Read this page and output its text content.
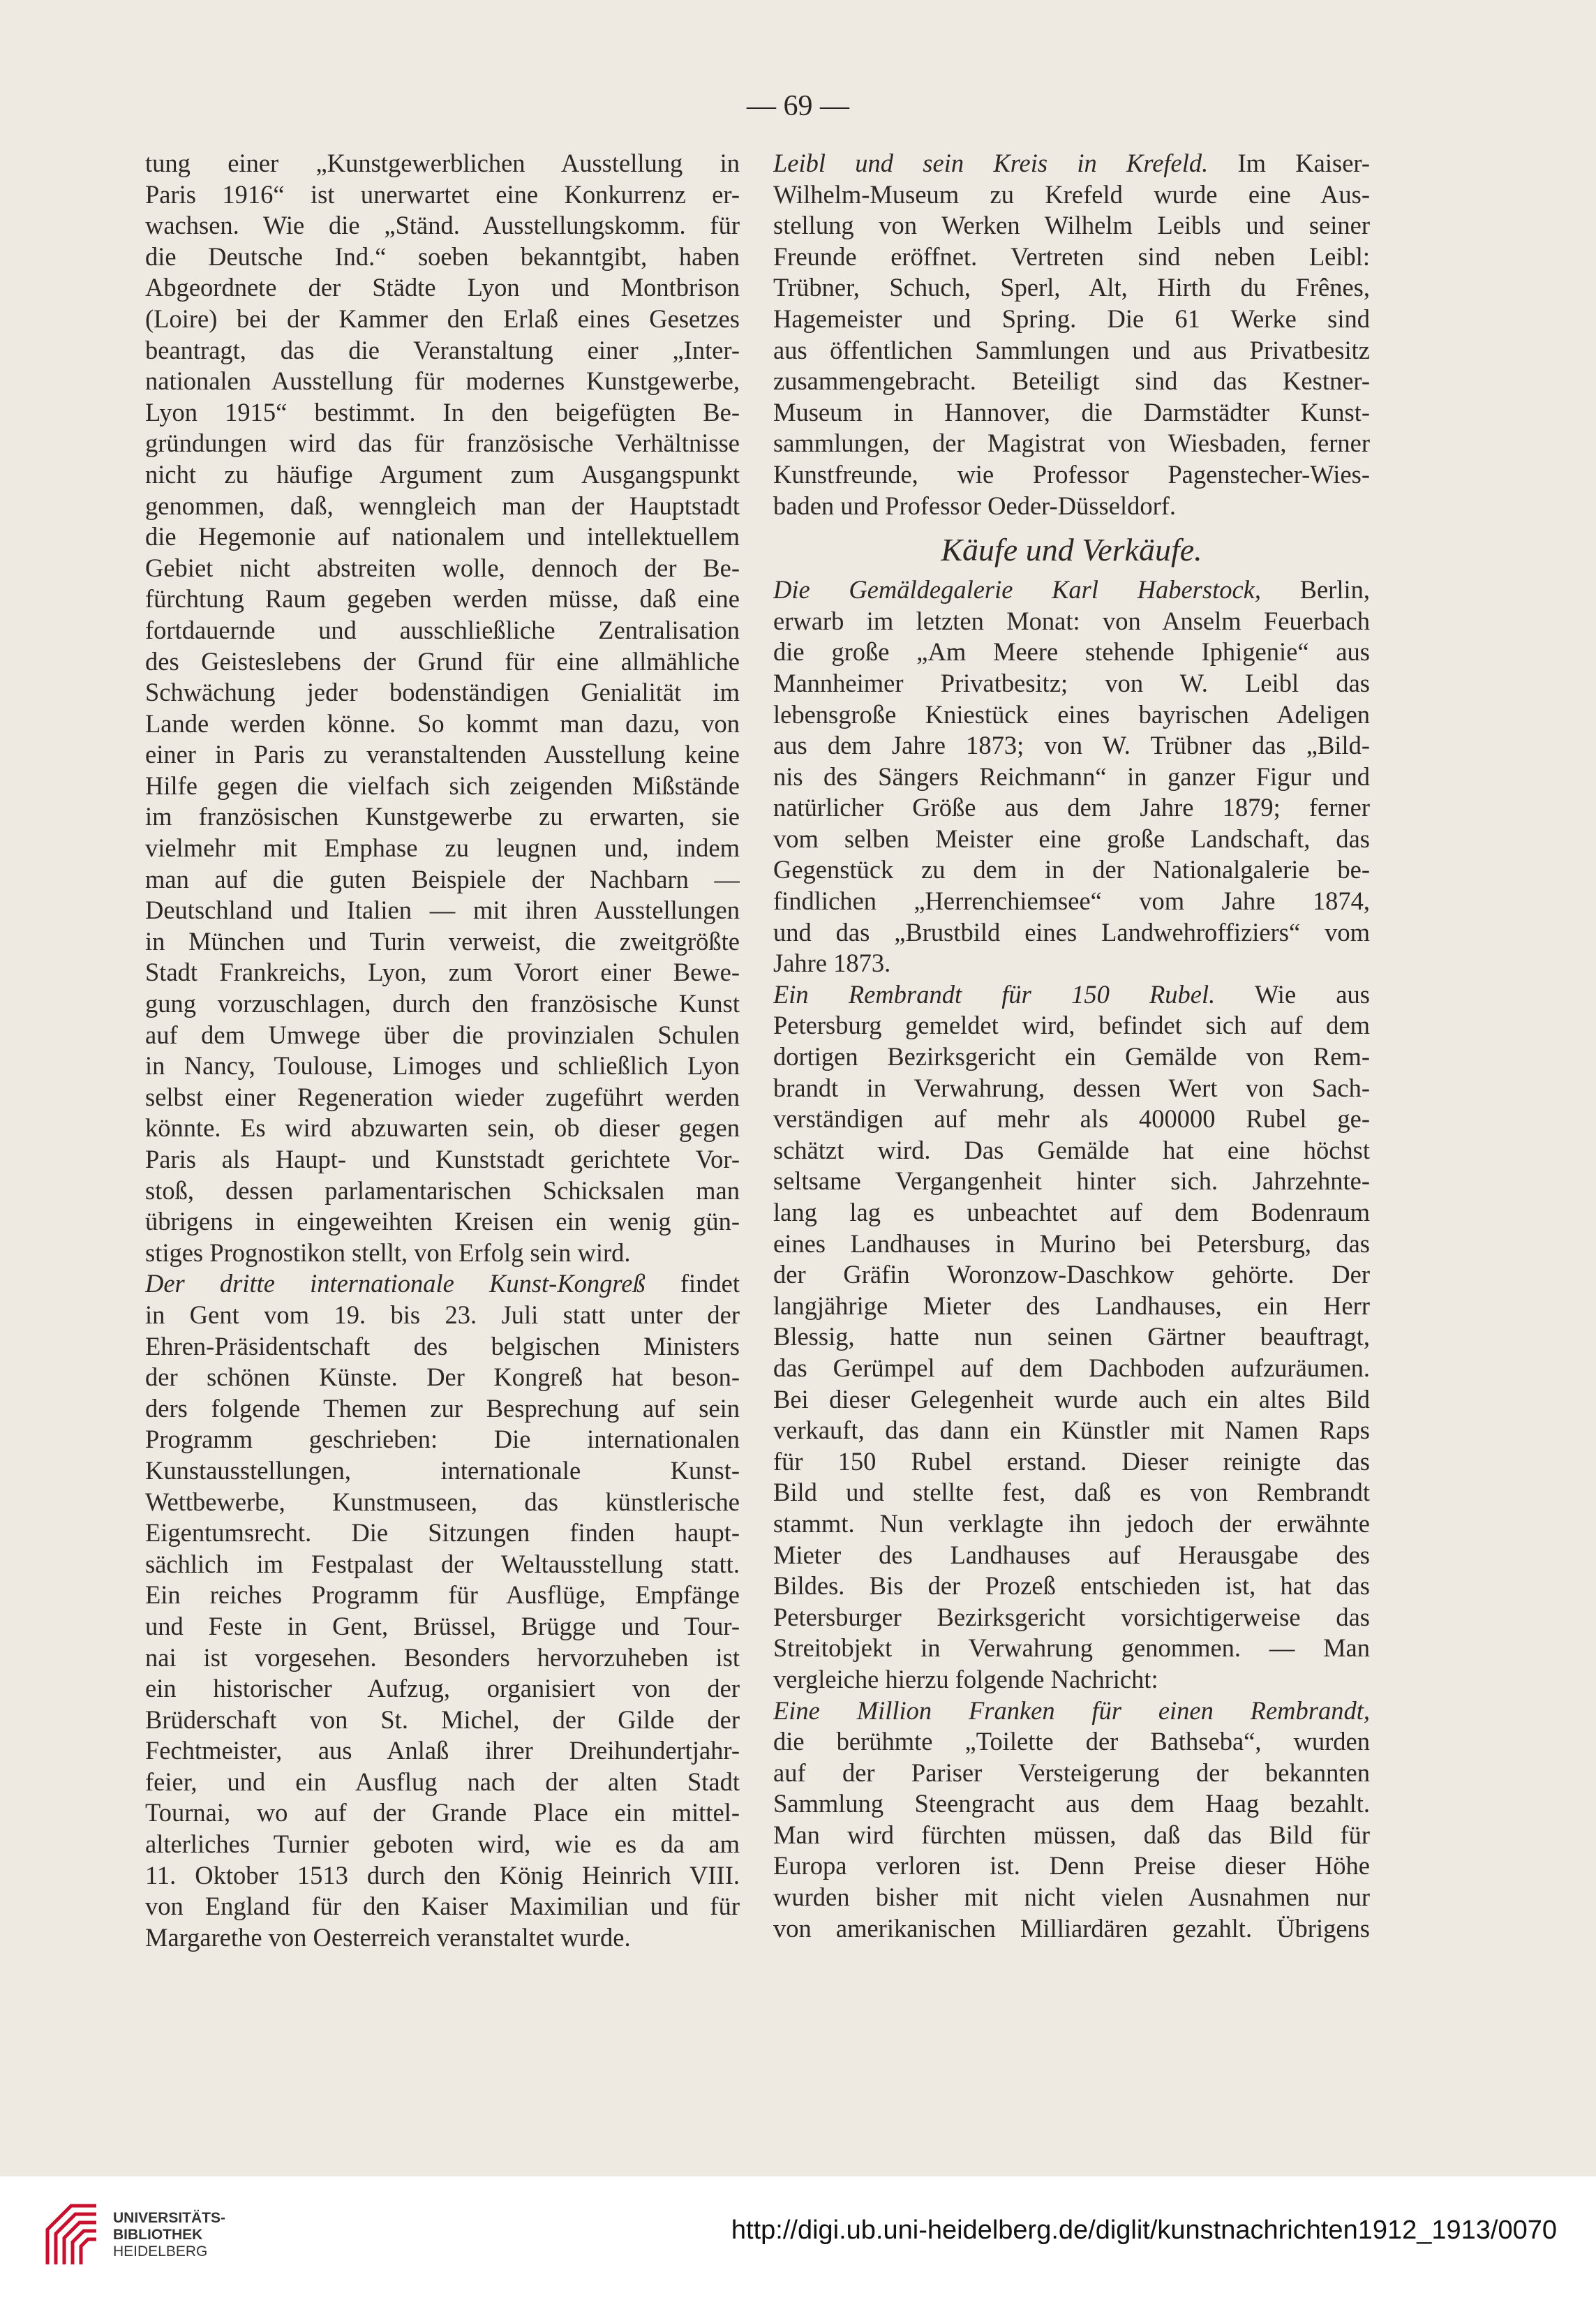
— 69 —
tung einer „Kunstgewerblichen Ausstellung in
Paris 1916“ ist unerwartet eine Konkurrenz er-
wachsen. Wie die „Ständ. Ausstellungskomm. für
die Deutsche Ind.“ soeben bekanntgibt, haben
Abgeordnete der Städte Lyon und Montbrison
(Loire) bei der Kammer den Erlaß eines Gesetzes
beantragt, das die Veranstaltung einer „Inter-
nationalen Ausstellung für modernes Kunstgewerbe,
Lyon 1915“ bestimmt. In den beigefügten Be-
gründungen wird das für französische Verhältnisse
nicht zu häufige Argument zum Ausgangspunkt
genommen, daß, wenngleich man der Hauptstadt
die Hegemonie auf nationalem und intellektuellem
Gebiet nicht abstreiten wolle, dennoch der Be-
fürchtung Raum gegeben werden müsse, daß eine
fortdauernde und ausschließliche Zentralisation
des Geisteslebens der Grund für eine allmähliche
Schwächung jeder bodenständigen Genialität im
Lande werden könne. So kommt man dazu, von
einer in Paris zu veranstaltenden Ausstellung keine
Hilfe gegen die vielfach sich zeigenden Mißstände
im französischen Kunstgewerbe zu erwarten, sie
vielmehr mit Emphase zu leugnen und, indem
man auf die guten Beispiele der Nachbarn —
Deutschland und Italien — mit ihren Ausstellungen
in München und Turin verweist, die zweitgrößte
Stadt Frankreichs, Lyon, zum Vorort einer Bewe-
gung vorzuschlagen, durch den französische Kunst
auf dem Umwege über die provinzialen Schulen
in Nancy, Toulouse, Limoges und schließlich Lyon
selbst einer Regeneration wieder zugeführt werden
könnte. Es wird abzuwarten sein, ob dieser gegen
Paris als Haupt- und Kunststadt gerichtete Vor-
stoß, dessen parlamentarischen Schicksalen man
übrigens in eingeweihten Kreisen ein wenig gün-
stiges Prognostikon stellt, von Erfolg sein wird.
Der dritte internationale Kunst-Kongreß findet
in Gent vom 19. bis 23. Juli statt unter der
Ehren-Präsidentschaft des belgischen Ministers
der schönen Künste. Der Kongreß hat beson-
ders folgende Themen zur Besprechung auf sein
Programm geschrieben: Die internationalen
Kunstausstellungen, internationale Kunst-
Wettbewerbe, Kunstmuseen, das künstlerische
Eigentumsrecht. Die Sitzungen finden haupt-
sächlich im Festpalast der Weltausstellung statt.
Ein reiches Programm für Ausflüge, Empfänge
und Feste in Gent, Brüssel, Brügge und Tour-
nai ist vorgesehen. Besonders hervorzuheben ist
ein historischer Aufzug, organisiert von der
Brüderschaft von St. Michel, der Gilde der
Fechtmeister, aus Anlaß ihrer Dreihundertjahr-
feier, und ein Ausflug nach der alten Stadt
Tournai, wo auf der Grande Place ein mittel-
alterliches Turnier geboten wird, wie es da am
11. Oktober 1513 durch den König Heinrich VIII.
von England für den Kaiser Maximilian und für
Margarethe von Oesterreich veranstaltet wurde.
Leibl und sein Kreis in Krefeld. Im Kaiser-
Wilhelm-Museum zu Krefeld wurde eine Aus-
stellung von Werken Wilhelm Leibls und seiner
Freunde eröffnet. Vertreten sind neben Leibl:
Trübner, Schuch, Sperl, Alt, Hirth du Frênes,
Hagemeister und Spring. Die 61 Werke sind
aus öffentlichen Sammlungen und aus Privatbesitz
zusammengebracht. Beteiligt sind das Kestner-
Museum in Hannover, die Darmstädter Kunst-
sammlungen, der Magistrat von Wiesbaden, ferner
Kunstfreunde, wie Professor Pagenstecher-Wies-
baden und Professor Oeder-Düsseldorf.
Käufe und Verkäufe.
Die Gemäldegalerie Karl Haberstock, Berlin,
erwarb im letzten Monat: von Anselm Feuerbach
die große „Am Meere stehende Iphigenie“ aus
Mannheimer Privatbesitz; von W. Leibl das
lebensgroße Kniestück eines bayrischen Adeligen
aus dem Jahre 1873; von W. Trübner das „Bild-
nis des Sängers Reichmann“ in ganzer Figur und
natürlicher Größe aus dem Jahre 1879; ferner
vom selben Meister eine große Landschaft, das
Gegenstück zu dem in der Nationalgalerie be-
findlichen „Herrenchiemsee“ vom Jahre 1874,
und das „Brustbild eines Landwehroffiziers“ vom
Jahre 1873.
Ein Rembrandt für 150 Rubel. Wie aus
Petersburg gemeldet wird, befindet sich auf dem
dortigen Bezirksgericht ein Gemälde von Rem-
brandt in Verwahrung, dessen Wert von Sach-
verständigen auf mehr als 400000 Rubel ge-
schätzt wird. Das Gemälde hat eine höchst
seltsame Vergangenheit hinter sich. Jahrzehnte-
lang lag es unbeachtet auf dem Bodenraum
eines Landhauses in Murino bei Petersburg, das
der Gräfin Woronzow-Daschkow gehörte. Der
langjährige Mieter des Landhauses, ein Herr
Blessig, hatte nun seinen Gärtner beauftragt,
das Gerümpel auf dem Dachboden aufzuräumen.
Bei dieser Gelegenheit wurde auch ein altes Bild
verkauft, das dann ein Künstler mit Namen Raps
für 150 Rubel erstand. Dieser reinigte das
Bild und stellte fest, daß es von Rembrandt
stammt. Nun verklagte ihn jedoch der erwähnte
Mieter des Landhauses auf Herausgabe des
Bildes. Bis der Prozeß entschieden ist, hat das
Petersburger Bezirksgericht vorsichtigerweise das
Streitobjekt in Verwahrung genommen. — Man
vergleiche hierzu folgende Nachricht:
Eine Million Franken für einen Rembrandt,
die berühmte „Toilette der Bathseba“, wurden
auf der Pariser Versteigerung der bekannten
Sammlung Steengracht aus dem Haag bezahlt.
Man wird fürchten müssen, daß das Bild für
Europa verloren ist. Denn Preise dieser Höhe
wurden bisher mit nicht vielen Ausnahmen nur
von amerikanischen Milliardären gezahlt. Übrigens
UNIVERSITÄTS-
BIBLIOTHEK
HEIDELBERG
http://digi.ub.uni-heidelberg.de/diglit/kunstnachrichten1912_1913/0070
